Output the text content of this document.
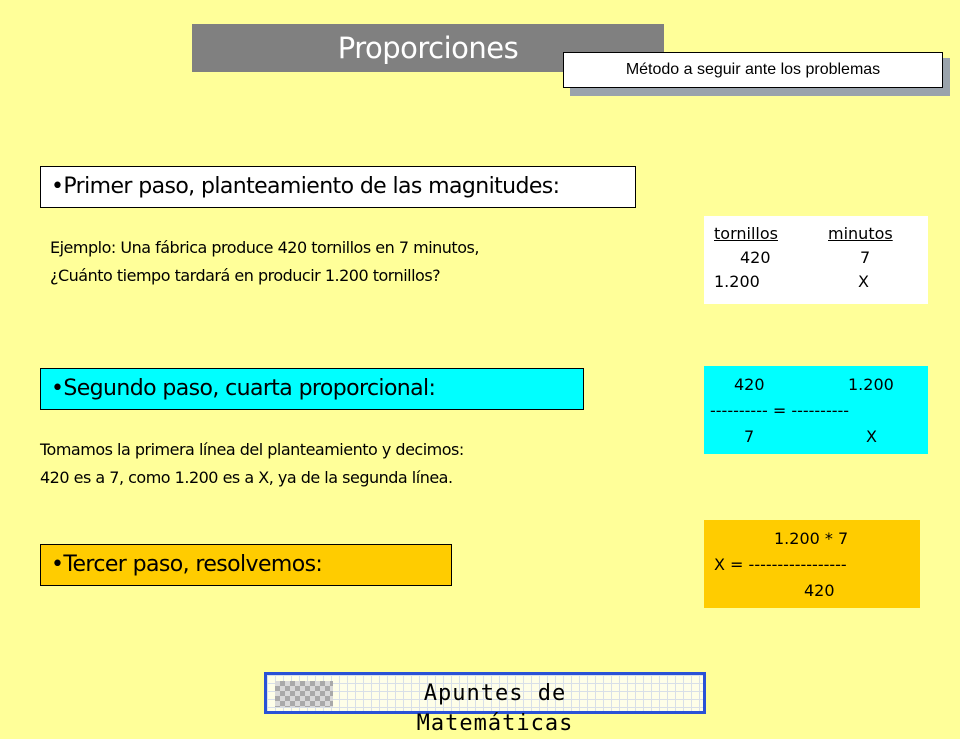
Proporciones
Método a seguir ante los problemas
•Primer paso, planteamiento de las magnitudes:
Ejemplo: Una fábrica produce 420 tornillos en 7 minutos,
¿Cuánto tiempo tardará en producir 1.200 tornillos?
tornillos	minutos
420	7
1.200	X
•Segundo paso, cuarta proporcional:	420	1.200
---------- = ----------
7	X
Tomamos la primera línea del planteamiento y decimos:
420 es a 7, como 1.200 es a X, ya de la segunda línea.
•Tercer paso, resolvemos:
1.200 * 7
X = -----------------
420
Apuntes de Matemáticas
